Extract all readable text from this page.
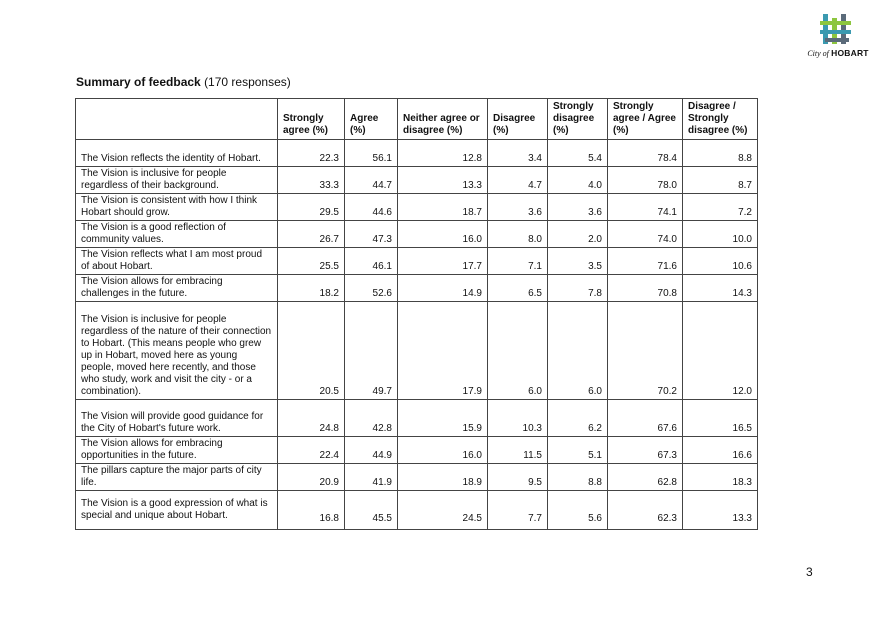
City of HOBART
Summary of feedback (170 responses)
	Strongly agree (%)	Agree (%)	Neither agree or disagree (%)	Disagree (%)	Strongly disagree (%)	Strongly agree / Agree (%)	Disagree / Strongly disagree (%)
The Vision reflects the identity of Hobart.	22.3	56.1	12.8	3.4	5.4	78.4	8.8
The Vision is inclusive for people regardless of their background.	33.3	44.7	13.3	4.7	4.0	78.0	8.7
The Vision is consistent with how I think Hobart should grow.	29.5	44.6	18.7	3.6	3.6	74.1	7.2
The Vision is a good reflection of community values.	26.7	47.3	16.0	8.0	2.0	74.0	10.0
The Vision reflects what I am most proud of about Hobart.	25.5	46.1	17.7	7.1	3.5	71.6	10.6
The Vision allows for embracing challenges in the future.	18.2	52.6	14.9	6.5	7.8	70.8	14.3
The Vision is inclusive for people regardless of the nature of their connection to Hobart. (This means people who grew up in Hobart, moved here as young people, moved here recently, and those who study, work and visit the city - or a combination).	20.5	49.7	17.9	6.0	6.0	70.2	12.0
The Vision will provide good guidance for the City of Hobart's future work.	24.8	42.8	15.9	10.3	6.2	67.6	16.5
The Vision allows for embracing opportunities in the future.	22.4	44.9	16.0	11.5	5.1	67.3	16.6
The pillars capture the major parts of city life.	20.9	41.9	18.9	9.5	8.8	62.8	18.3
The Vision is a good expression of what is special and unique about Hobart.	16.8	45.5	24.5	7.7	5.6	62.3	13.3
3
